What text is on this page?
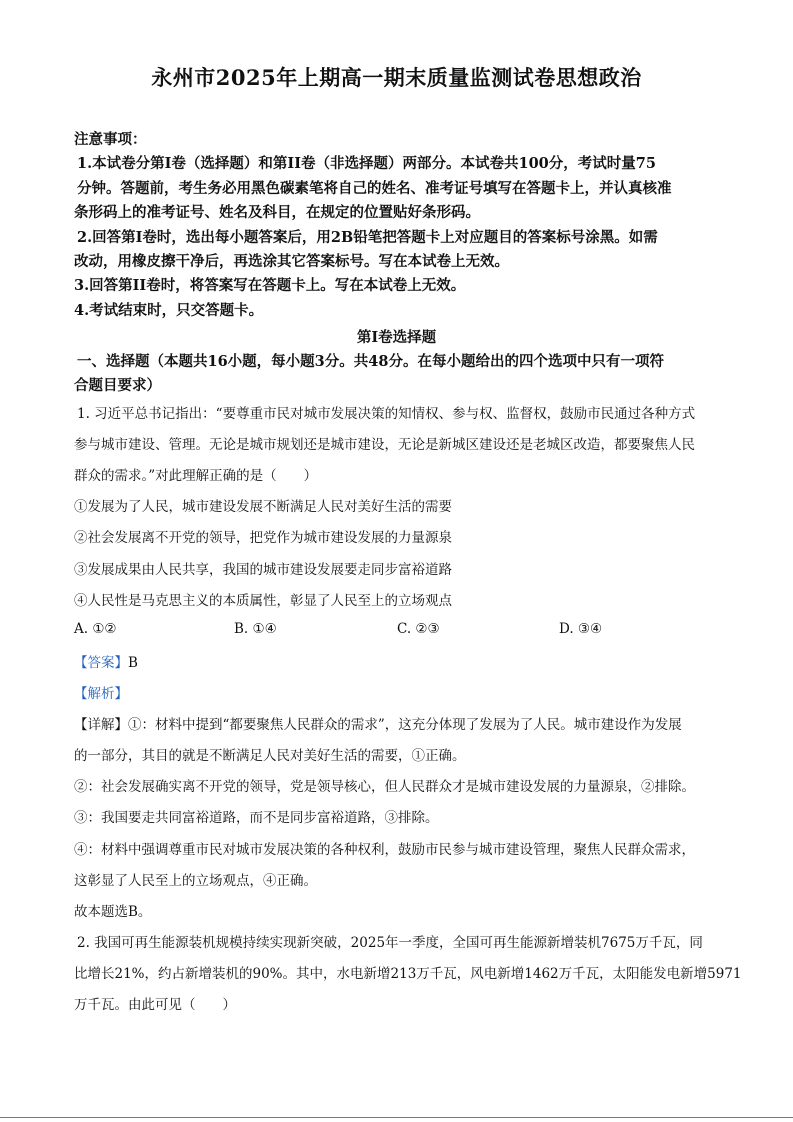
永州市2025年上期高一期末质量监测试卷思想政治
注意事项：
1.本试卷分第I卷（选择题）和第II卷（非选择题）两部分。本试卷共100分，考试时量75
分钟。答题前，考生务必用黑色碳素笔将自己的姓名、准考证号填写在答题卡上，并认真核准
条形码上的准考证号、姓名及科目，在规定的位置贴好条形码。
2.回答第I卷时，选出每小题答案后，用2B铅笔把答题卡上对应题目的答案标号涂黑。如需
改动，用橡皮擦干净后，再选涂其它答案标号。写在本试卷上无效。
3.回答第II卷时，将答案写在答题卡上。写在本试卷上无效。
4.考试结束时，只交答题卡。
第I卷选择题
一、选择题（本题共16小题，每小题3分。共48分。在每小题给出的四个选项中只有一项符
合题目要求）
1. 习近平总书记指出：“要尊重市民对城市发展决策的知情权、参与权、监督权，鼓励市民通过各种方式
参与城市建设、管理。无论是城市规划还是城市建设，无论是新城区建设还是老城区改造，都要聚焦人民
群众的需求。”对此理解正确的是（　　）
①发展为了人民，城市建设发展不断满足人民对美好生活的需要
②社会发展离不开党的领导，把党作为城市建设发展的力量源泉
③发展成果由人民共享，我国的城市建设发展要走同步富裕道路
④人民性是马克思主义的本质属性，彰显了人民至上的立场观点
A. ①②	B. ①④	C. ②③	D. ③④
【答案】B
【解析】
【详解】①：材料中提到“都要聚焦人民群众的需求”，这充分体现了发展为了人民。城市建设作为发展
的一部分，其目的就是不断满足人民对美好生活的需要，①正确。
②：社会发展确实离不开党的领导，党是领导核心，但人民群众才是城市建设发展的力量源泉，②排除。
③：我国要走共同富裕道路，而不是同步富裕道路，③排除。
④：材料中强调尊重市民对城市发展决策的各种权利，鼓励市民参与城市建设管理，聚焦人民群众需求，
这彰显了人民至上的立场观点，④正确。
故本题选B。
2. 我国可再生能源装机规模持续实现新突破，2025年一季度，全国可再生能源新增装机7675万千瓦，同
比增长21%，约占新增装机的90%。其中，水电新增213万千瓦，风电新增1462万千瓦，太阳能发电新增5971
万千瓦。由此可见（　　）
